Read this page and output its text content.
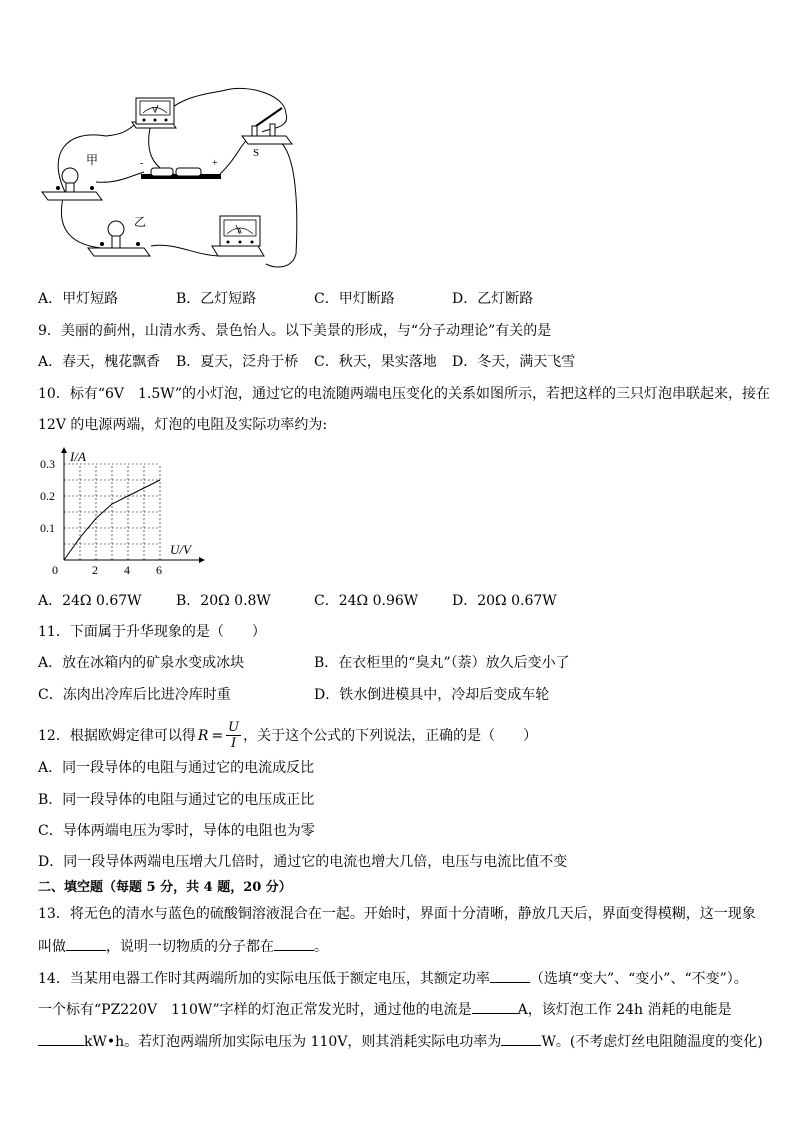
V
S
-	+
甲
乙
A
A．甲灯短路	B．乙灯短路	C．甲灯断路	D．乙灯断路
9．美丽的蓟州，山清水秀、景色怡人。以下美景的形成，与“分子动理论”有关的是
A．春天，槐花飘香 B．夏天，泛舟于桥 C．秋天，果实落地 D．冬天，满天飞雪
10．标有“6V　1.5W”的小灯泡，通过它的电流随两端电压变化的关系如图所示，若把这样的三只灯泡串联起来，接在
12V 的电源两端，灯泡的电阻及实际功率约为:
I/A
U/V
0	2 4 6
0.1
0.2
0.3
A．24Ω 0.67W B．20Ω 0.8W	C．24Ω 0.96W D．20Ω 0.67W
11．下面属于升华现象的是（　　）
A．放在冰箱内的矿泉水变成冰块	B．在衣柜里的“臭丸”（萘）放久后变小了
C．冻肉出冷库后比进冷库时重	D．铁水倒进模具中，冷却后变成车轮
12．根据欧姆定律可以得 $R = \frac{U}{I}$ ，关于这个公式的下列说法，正确的是（　　）
A．同一段导体的电阻与通过它的电流成反比
B．同一段导体的电阻与通过它的电压成正比
C．导体两端电压为零时，导体的电阻也为零
D．同一段导体两端电压增大几倍时，通过它的电流也增大几倍，电压与电流比值不变
二、填空题（每题 5 分，共 4 题，20 分）
13．将无色的清水与蓝色的硫酸铜溶液混合在一起。开始时，界面十分清晰，静放几天后，界面变得模糊，这一现象
叫做	，说明一切物质的分子都在	。
14．当某用电器工作时其两端所加的实际电压低于额定电压，其额定功率	（选填“变大”、“变小”、“不变”）。
一个标有“PZ220V　110W”字样的灯泡正常发光时，通过他的电流是	A，该灯泡工作 24h 消耗的电能是
kW•h。若灯泡两端所加实际电压为 110V，则其消耗实际电功率为	W。(不考虑灯丝电阻随温度的变化)
